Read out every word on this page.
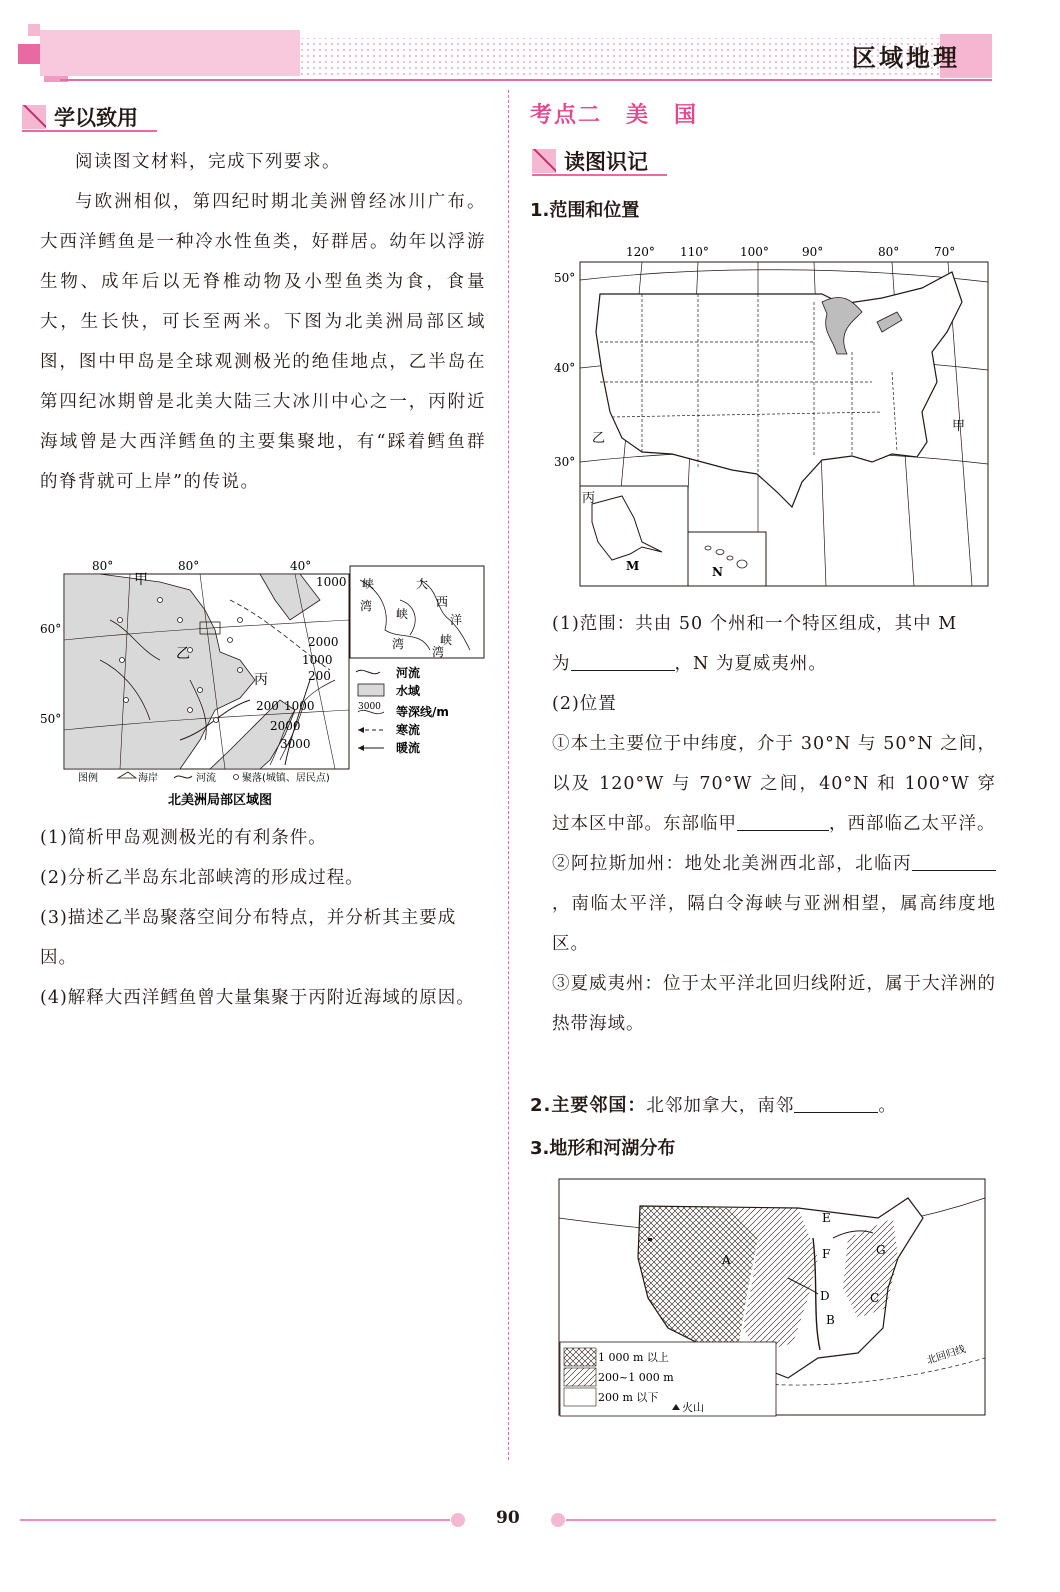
区域地理
学以致用

阅读图文材料，完成下列要求。

与欧洲相似，第四纪时期北美洲曾经冰川广布。大西洋鳕鱼是一种冷水性鱼类，好群居。幼年以浮游生物、成年后以无脊椎动物及小型鱼类为食，食量大，生长快，可长至两米。下图为北美洲局部区域图，图中甲岛是全球观测极光的绝佳地点，乙半岛在第四纪冰期曾是北美大陆三大冰川中心之一，丙附近海域曾是大西洋鳕鱼的主要集聚地，有“踩着鳕鱼群的脊背就可上岸”的传说。

80°	80°	40°
60°
50°
甲
乙
丙
1000
2000
1000
200
1000
200
2000
3000
峡	大
西
湾
峡	洋
湾	峡
湾
河流
水域
等深线/m
寒流
暖流
3000
图例	海岸	河流	聚落(城镇、居民点)
北美洲局部区域图

(1)简析甲岛观测极光的有利条件。

(2)分析乙半岛东北部峡湾的形成过程。

(3)描述乙半岛聚落空间分布特点，并分析其主要成因。

(4)解释大西洋鳕鱼曾大量集聚于丙附近海域的原因。

考点二　美　国
读图识记
1.范围和位置
120° 110°	100°	90°	80°	70°
50°
40°
30°
甲
乙
丙
M	N

(1)范围：共由 50 个州和一个特区组成，其中 M

为	，N 为夏威夷州。

(2)位置

①本土主要位于中纬度，介于 30°N 与 50°N 之间，以及 120°W 与 70°W 之间，40°N 和 100°W 穿过本区中部。东部临甲	，西部临乙太平洋。

②阿拉斯加州：地处北美洲西北部，北临丙，南临太平洋，隔白令海峡与亚洲相望，属高纬度地区。

③夏威夷州：位于太平洋北回归线附近，属于大洋洲的热带海域。

2.主要邻国：北邻加拿大，南邻	。

3.地形和河湖分布
A
B
C
D
E
F	G
北回归线
1 000 m 以上
200~1 000 m
200 m 以下
火山
90
